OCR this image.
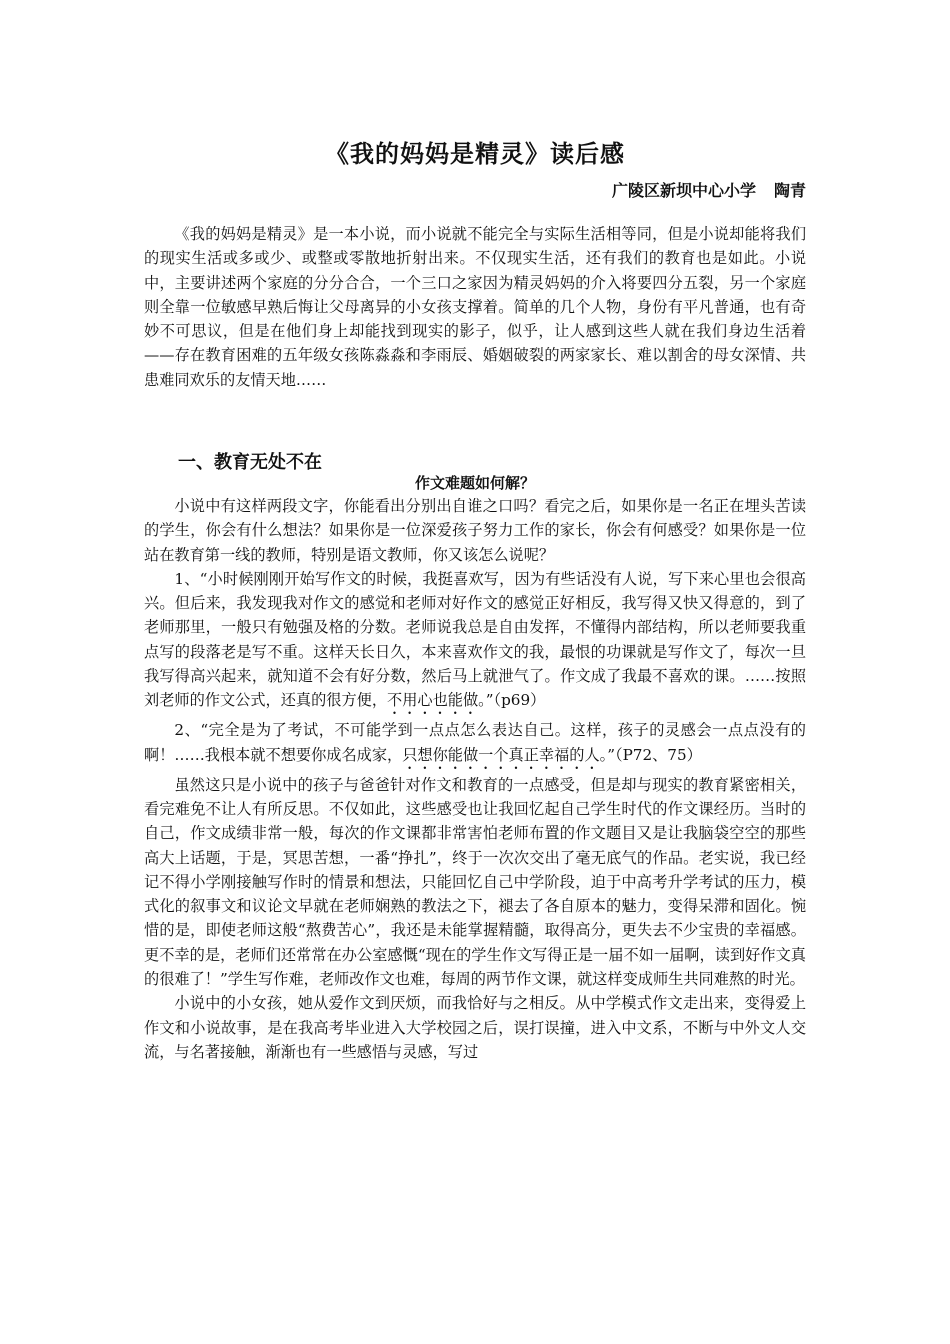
《我的妈妈是精灵》读后感
广陵区新坝中心小学 陶青

《我的妈妈是精灵》是一本小说，而小说就不能完全与实际生活相等同，但是小说却能将我们的现实生活或多或少、或整或零散地折射出来。不仅现实生活，还有我们的教育也是如此。小说中，主要讲述两个家庭的分分合合，一个三口之家因为精灵妈妈的介入将要四分五裂，另一个家庭则全靠一位敏感早熟后悔让父母离异的小女孩支撑着。简单的几个人物，身份有平凡普通，也有奇妙不可思议，但是在他们身上却能找到现实的影子，似乎，让人感到这些人就在我们身边生活着——存在教育困难的五年级女孩陈淼淼和李雨辰、婚姻破裂的两家家长、难以割舍的母女深情、共患难同欢乐的友情天地……

一、教育无处不在
作文难题如何解？

小说中有这样两段文字，你能看出分别出自谁之口吗？看完之后，如果你是一名正在埋头苦读的学生，你会有什么想法？如果你是一位深爱孩子努力工作的家长，你会有何感受？如果你是一位站在教育第一线的教师，特别是语文教师，你又该怎么说呢？

1、“小时候刚刚开始写作文的时候，我挺喜欢写，因为有些话没有人说，写下来心里也会很高兴。但后来，我发现我对作文的感觉和老师对好作文的感觉正好相反，我写得又快又得意的，到了老师那里，一般只有勉强及格的分数。老师说我总是自由发挥，不懂得内部结构，所以老师要我重点写的段落老是写不重。这样天长日久，本来喜欢作文的我，最恨的功课就是写作文了，每次一旦我写得高兴起来，就知道不会有好分数，然后马上就泄气了。作文成了我最不喜欢的课。……按照刘老师的作文公式，还真的很方便，不用心也能做。”（p69）

2、“完全是为了考试，不可能学到一点点怎么表达自己。这样，孩子的灵感会一点点没有的啊！……我根本就不想要你成名成家，只想你能做一个真正幸福的人。”（P72、75）

虽然这只是小说中的孩子与爸爸针对作文和教育的一点感受，但是却与现实的教育紧密相关，看完难免不让人有所反思。不仅如此，这些感受也让我回忆起自己学生时代的作文课经历。当时的自己，作文成绩非常一般，每次的作文课都非常害怕老师布置的作文题目又是让我脑袋空空的那些高大上话题，于是，冥思苦想，一番“挣扎”，终于一次次交出了毫无底气的作品。老实说，我已经记不得小学刚接触写作时的情景和想法，只能回忆自己中学阶段，迫于中高考升学考试的压力，模式化的叙事文和议论文早就在老师娴熟的教法之下，褪去了各自原本的魅力，变得呆滞和固化。惋惜的是，即使老师这般“熬费苦心”，我还是未能掌握精髓，取得高分，更失去不少宝贵的幸福感。更不幸的是，老师们还常常在办公室感慨“现在的学生作文写得正是一届不如一届啊，读到好作文真的很难了！”学生写作难，老师改作文也难，每周的两节作文课，就这样变成师生共同难熬的时光。

小说中的小女孩，她从爱作文到厌烦，而我恰好与之相反。从中学模式作文走出来，变得爱上作文和小说故事，是在我高考毕业进入大学校园之后，误打误撞，进入中文系，不断与中外文人交流，与名著接触，渐渐也有一些感悟与灵感，写过
